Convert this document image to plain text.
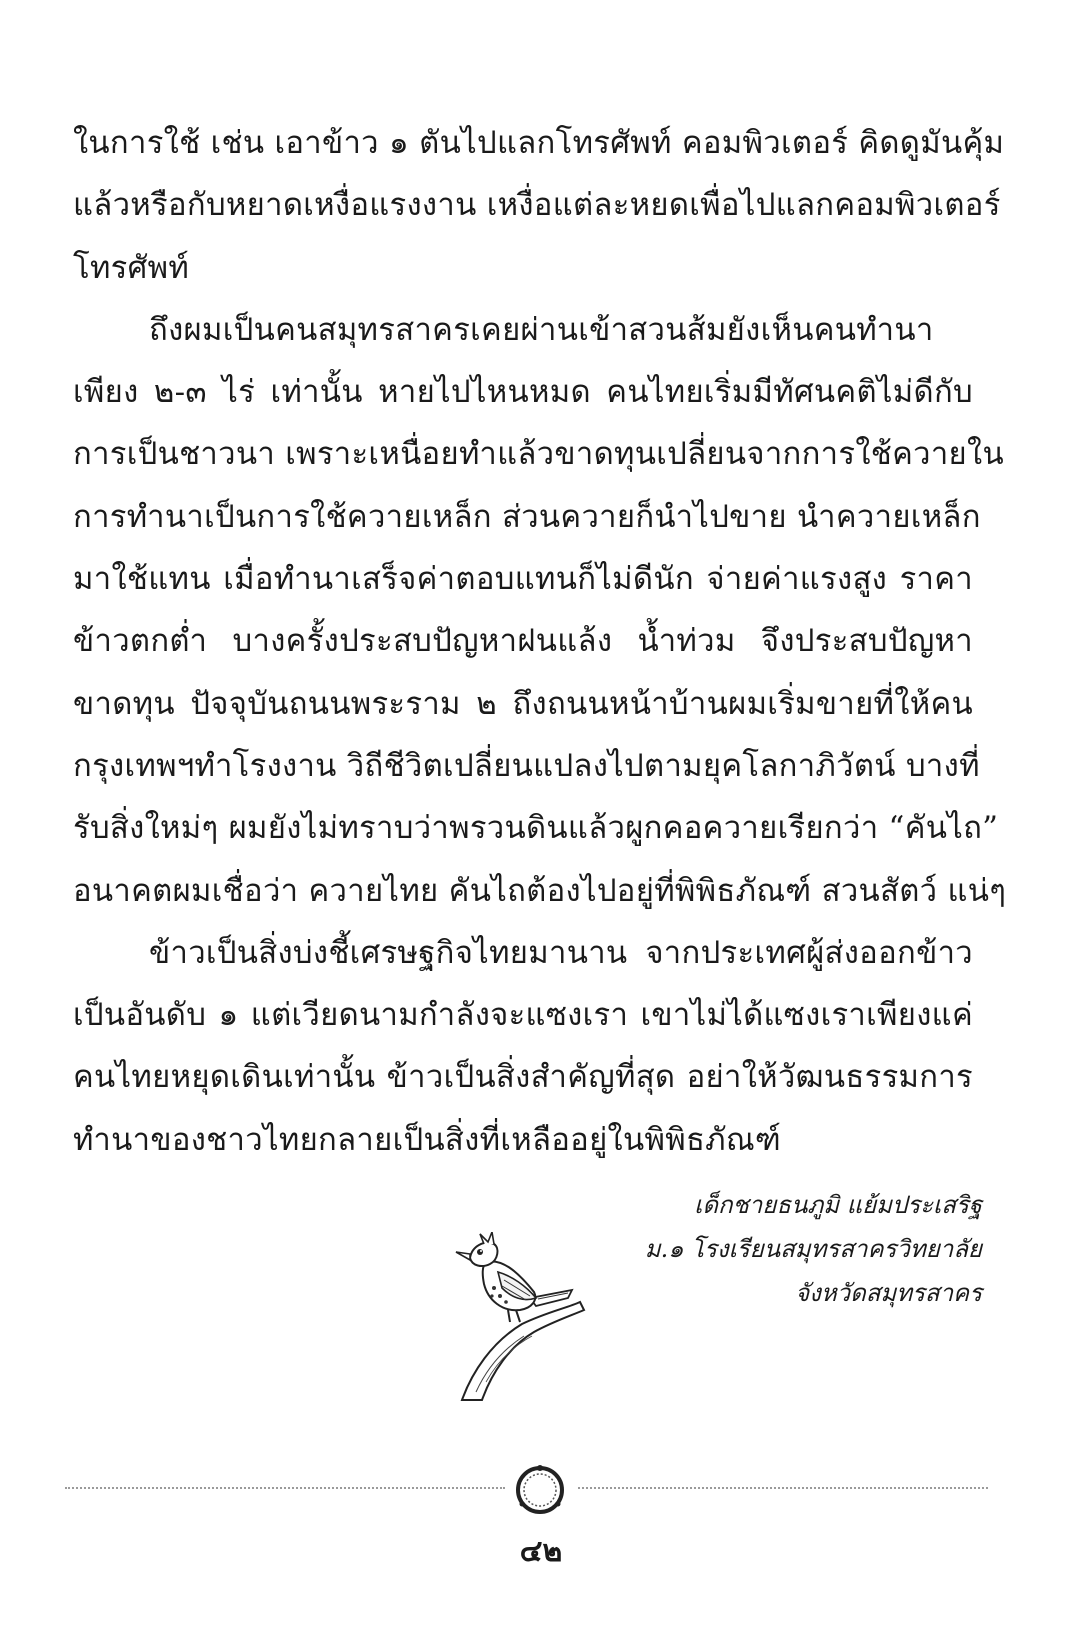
ในการใช้ เช่น เอาข้าว ๑ ตันไปแลกโทรศัพท์ คอมพิวเตอร์ คิดดูมันคุ้ม
แล้วหรือกับหยาดเหงื่อแรงงาน เหงื่อแต่ละหยดเพื่อไปแลกคอมพิวเตอร์
โทรศัพท์
ถึงผมเป็นคนสมุทรสาครเคยผ่านเข้าสวนส้มยังเห็นคนทำนา
เพียง ๒-๓ ไร่ เท่านั้น หายไปไหนหมด คนไทยเริ่มมีทัศนคติไม่ดีกับ
การเป็นชาวนา เพราะเหนื่อยทำแล้วขาดทุนเปลี่ยนจากการใช้ควายใน
การทำนาเป็นการใช้ควายเหล็ก ส่วนควายก็นำไปขาย นำควายเหล็ก
มาใช้แทน เมื่อทำนาเสร็จค่าตอบแทนก็ไม่ดีนัก จ่ายค่าแรงสูง ราคา
ข้าวตกต่ำ บางครั้งประสบปัญหาฝนแล้ง น้ำท่วม จึงประสบปัญหา
ขาดทุน ปัจจุบันถนนพระราม ๒ ถึงถนนหน้าบ้านผมเริ่มขายที่ให้คน
กรุงเทพฯทำโรงงาน วิถีชีวิตเปลี่ยนแปลงไปตามยุคโลกาภิวัตน์ บางที่
รับสิ่งใหม่ๆ ผมยังไม่ทราบว่าพรวนดินแล้วผูกคอควายเรียกว่า “คันไถ”
อนาคตผมเชื่อว่า ควายไทย คันไถต้องไปอยู่ที่พิพิธภัณฑ์ สวนสัตว์ แน่ๆ
ข้าวเป็นสิ่งบ่งชี้เศรษฐกิจไทยมานาน จากประเทศผู้ส่งออกข้าว
เป็นอันดับ ๑ แต่เวียดนามกำลังจะแซงเรา เขาไม่ได้แซงเราเพียงแค่
คนไทยหยุดเดินเท่านั้น ข้าวเป็นสิ่งสำคัญที่สุด อย่าให้วัฒนธรรมการ
ทำนาของชาวไทยกลายเป็นสิ่งที่เหลืออยู่ในพิพิธภัณฑ์
เด็กชายธนภูมิ แย้มประเสริฐ
ม.๑ โรงเรียนสมุทรสาครวิทยาลัย
จังหวัดสมุทรสาคร
๔๒
